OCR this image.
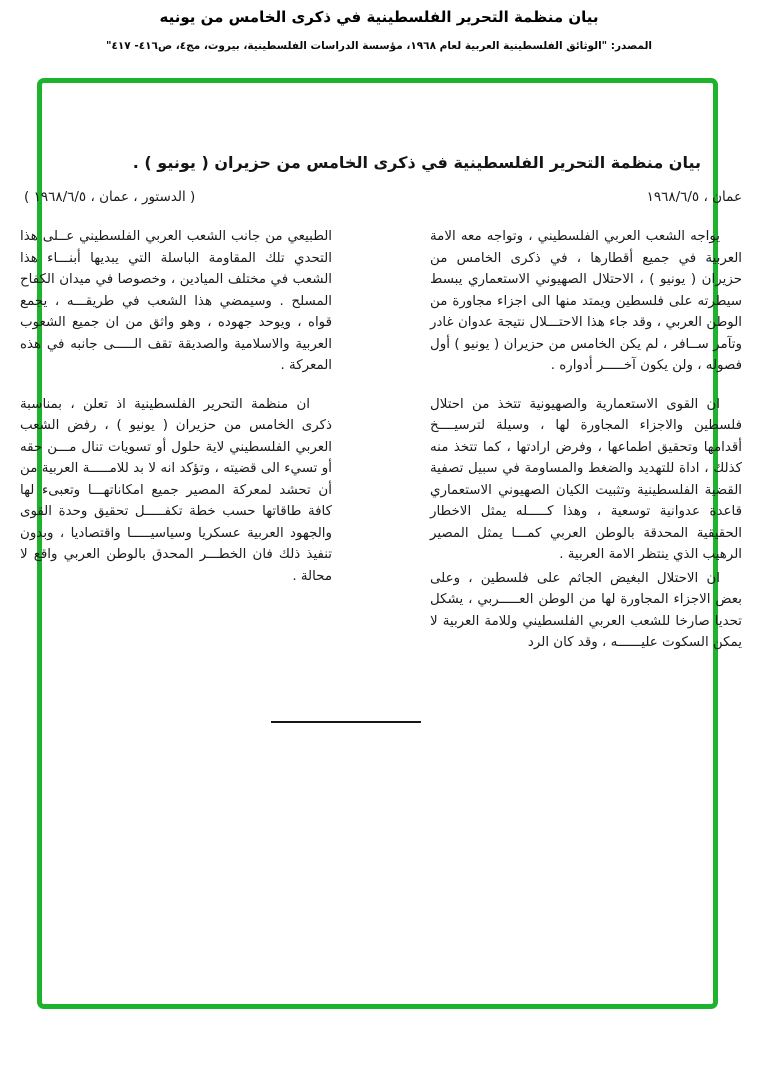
بيان منظمة التحرير الفلسطينية في ذكرى الخامس من يونيه
المصدر: "الوثائق الفلسطينية العربية لعام ١٩٦٨، مؤسسة الدراسات الفلسطينية، بيروت، مج٤، ص٤١٦- ٤١٧"
بيان منظمة التحرير الفلسطينية في ذكرى الخامس من حزيران ( يونيو ) .
عمان ، ١٩٦٨/٦/٥
( الدستور ، عمان ، ١٩٦٨/٦/٥ )

يواجه الشعب العربي الفلسطيني ، وتواجه معه الامة العربية في جميع أقطارها ، في ذكرى الخامس من حزيران ( يونيو ) ، الاحتلال الصهيوني الاستعماري يبسط سيطرته على فلسطين ويمتد منها الى اجزاء مجاورة من الوطن العربي ، وقد جاء هذا الاحتـــلال نتيجة عدوان غادر وتآمر ســافر ، لم يكن الخامس من حزيران ( يونيو ) أول فصوله ، ولن يكون آخـــــر أدواره .

ان القوى الاستعمارية والصهيونية تتخذ من احتلال فلسطين والاجزاء المجاورة لها ، وسيلة لترسيــــخ أقدامها وتحقيق اطماعها ، وفرض ارادتها ، كما تتخذ منه كذلك ، اداة للتهديد والضغط والمساومة في سبيل تصفية القضية الفلسطينية وتثبيت الكيان الصهيوني الاستعماري قاعدة عدوانية توسعية ، وهذا كـــــله يمثل الاخطار الحقيقية المحدقة بالوطن العربي كمـــا يمثل المصير الرهيب الذي ينتظر الامة العربية .

ان الاحتلال البغيض الجاثم على فلسطين ، وعلى بعض الاجزاء المجاورة لها من الوطن العـــــربي ، يشكل تحديا صارخا للشعب العربي الفلسطيني وللامة العربية لا يمكن السكوت عليــــــه ، وقد كان الرد

الطبيعي من جانب الشعب العربي الفلسطيني عــلى هذا التحدي تلك المقاومة الباسلة التي يبديها أبنـــاء هذا الشعب في مختلف الميادين ، وخصوصا في ميدان الكفاح المسلح . وسيمضي هذا الشعب في طريقـــه ، يجمع قواه ، ويوحد جهوده ، وهو واثق من ان جميع الشعوب العربية والاسلامية والصديقة تقف الـــــى جانبه في هذه المعركة .

ان منظمة التحرير الفلسطينية اذ تعلن ، بمناسبة ذكرى الخامس من حزيران ( يونيو ) ، رفض الشعب العربي الفلسطيني لاية حلول أو تسويات تنال مـــن حقه أو تسيء الى قضيته ، وتؤكد انه لا بد للامـــــة العربية من أن تحشد لمعركة المصير جميع امكاناتهـــا وتعبىء لها كافة طاقاتها حسب خطة تكفـــــل تحقيق وحدة القوى والجهود العربية عسكريا وسياسيـــــا واقتصاديا ، وبدون تنفيذ ذلك فان الخطـــر المحدق بالوطن العربي واقع لا محالة .
